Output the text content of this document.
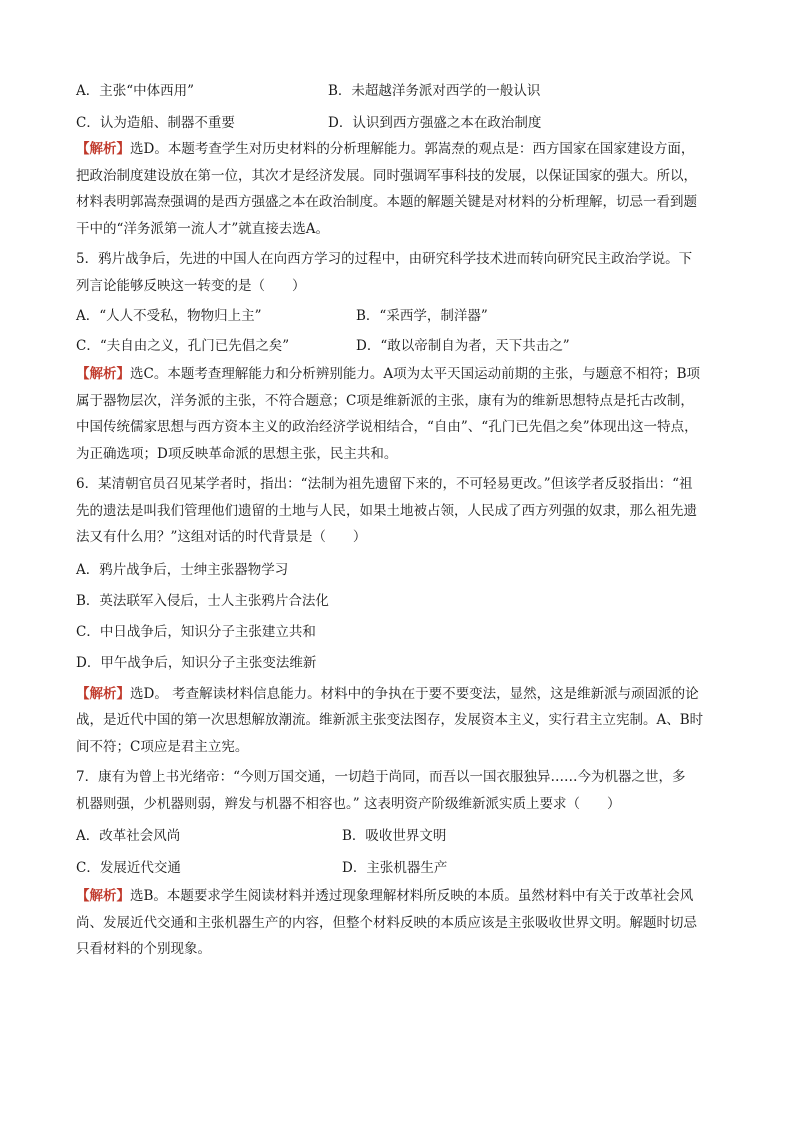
A．主张“中体西用”	B．未超越洋务派对西学的一般认识
C．认为造船、制器不重要	D．认识到西方强盛之本在政治制度
【解析】选D。本题考查学生对历史材料的分析理解能力。郭嵩焘的观点是：西方国家在国家建设方面，
把政治制度建设放在第一位，其次才是经济发展。同时强调军事科技的发展，以保证国家的强大。所以，
材料表明郭嵩焘强调的是西方强盛之本在政治制度。本题的解题关键是对材料的分析理解，切忌一看到题
干中的“洋务派第一流人才”就直接去选A。
5．鸦片战争后，先进的中国人在向西方学习的过程中，由研究科学技术进而转向研究民主政治学说。下
列言论能够反映这一转变的是（　　）
A．“人人不受私，物物归上主”	B．“采西学，制洋器”
C．“夫自由之义，孔门已先倡之矣”	D．“敢以帝制自为者，天下共击之”
【解析】选C。本题考查理解能力和分析辨别能力。A项为太平天国运动前期的主张，与题意不相符；B项
属于器物层次，洋务派的主张，不符合题意；C项是维新派的主张，康有为的维新思想特点是托古改制，
中国传统儒家思想与西方资本主义的政治经济学说相结合，“自由”、“孔门已先倡之矣”体现出这一特点，
为正确选项；D项反映革命派的思想主张，民主共和。
6．某清朝官员召见某学者时，指出：“法制为祖先遗留下来的，不可轻易更改。”但该学者反驳指出：“祖
先的遗法是叫我们管理他们遗留的土地与人民，如果土地被占领，人民成了西方列强的奴隶，那么祖先遗
法又有什么用？”这组对话的时代背景是（　　）
A．鸦片战争后，士绅主张器物学习
B．英法联军入侵后，士人主张鸦片合法化
C．中日战争后，知识分子主张建立共和
D．甲午战争后，知识分子主张变法维新
【解析】选D。 考查解读材料信息能力。材料中的争执在于要不要变法，显然，这是维新派与顽固派的论
战，是近代中国的第一次思想解放潮流。维新派主张变法图存，发展资本主义，实行君主立宪制。A、B时
间不符；C项应是君主立宪。
7．康有为曾上书光绪帝：“今则万国交通，一切趋于尚同，而吾以一国衣服独异……今为机器之世，多
机器则强，少机器则弱，辫发与机器不相容也。” 这表明资产阶级维新派实质上要求（　　）
A．改革社会风尚	B．吸收世界文明
C．发展近代交通	D．主张机器生产
【解析】选B。本题要求学生阅读材料并透过现象理解材料所反映的本质。虽然材料中有关于改革社会风
尚、发展近代交通和主张机器生产的内容，但整个材料反映的本质应该是主张吸收世界文明。解题时切忌
只看材料的个别现象。
